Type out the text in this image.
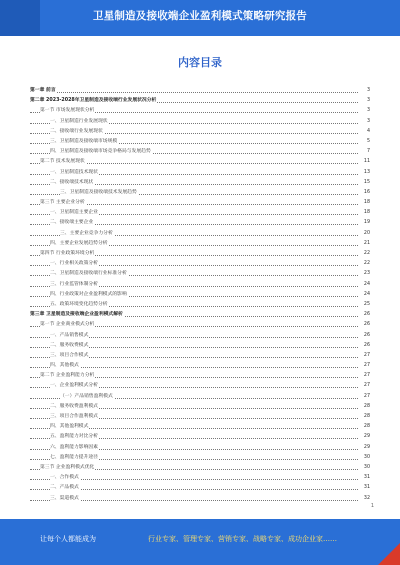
卫星制造及接收端企业盈利模式策略研究报告
内容目录
第一章 前言	3
第二章 2023-2028年卫星制造及接收端行业发展状况分析	3
第一节 市场发展现状分析	3
一、卫星制造行业发展现状	3
二、接收端行业发展现状	4
三、卫星制造及接收端市场规模	5
四、卫星制造及接收端市场竞争格局与发展趋势	7
第二节 技术发展现状	11
一、卫星制造技术现状	13
二、接收端技术现状	15
三、卫星制造及接收端技术发展趋势	16
第三节 主要企业分析	18
一、卫星制造主要企业	18
二、接收端主要企业	19
三、主要企业竞争力分析	20
四、主要企业发展趋势分析	21
第四节 行业政策环境分析	22
一、行业相关政策分析	22
二、卫星制造及接收端行业标准分析	23
三、行业监管体制分析	24
四、行业政策对企业盈利模式的影响	24
五、政策环境变化趋势分析	25
第三章 卫星制造及接收端企业盈利模式解析	26
第一节 企业商业模式分析	26
一、产品销售模式	26
二、服务收费模式	26
三、项目合作模式	27
四、其他模式	27
第二节 企业盈利能力分析	27
一、企业盈利模式分析	27
（一）产品销售盈利模式	27
二、服务收费盈利模式	28
三、项目合作盈利模式	28
四、其他盈利模式	28
五、盈利能力对比分析	29
六、盈利能力影响因素	29
七、盈利能力提升途径	30
第三节 企业盈利模式优化	30
一、合作模式	31
二、产品模式	31
三、渠道模式	32
1
让每个人都能成为	行业专家、管理专家、营销专家、战略专家、成功企业家……
